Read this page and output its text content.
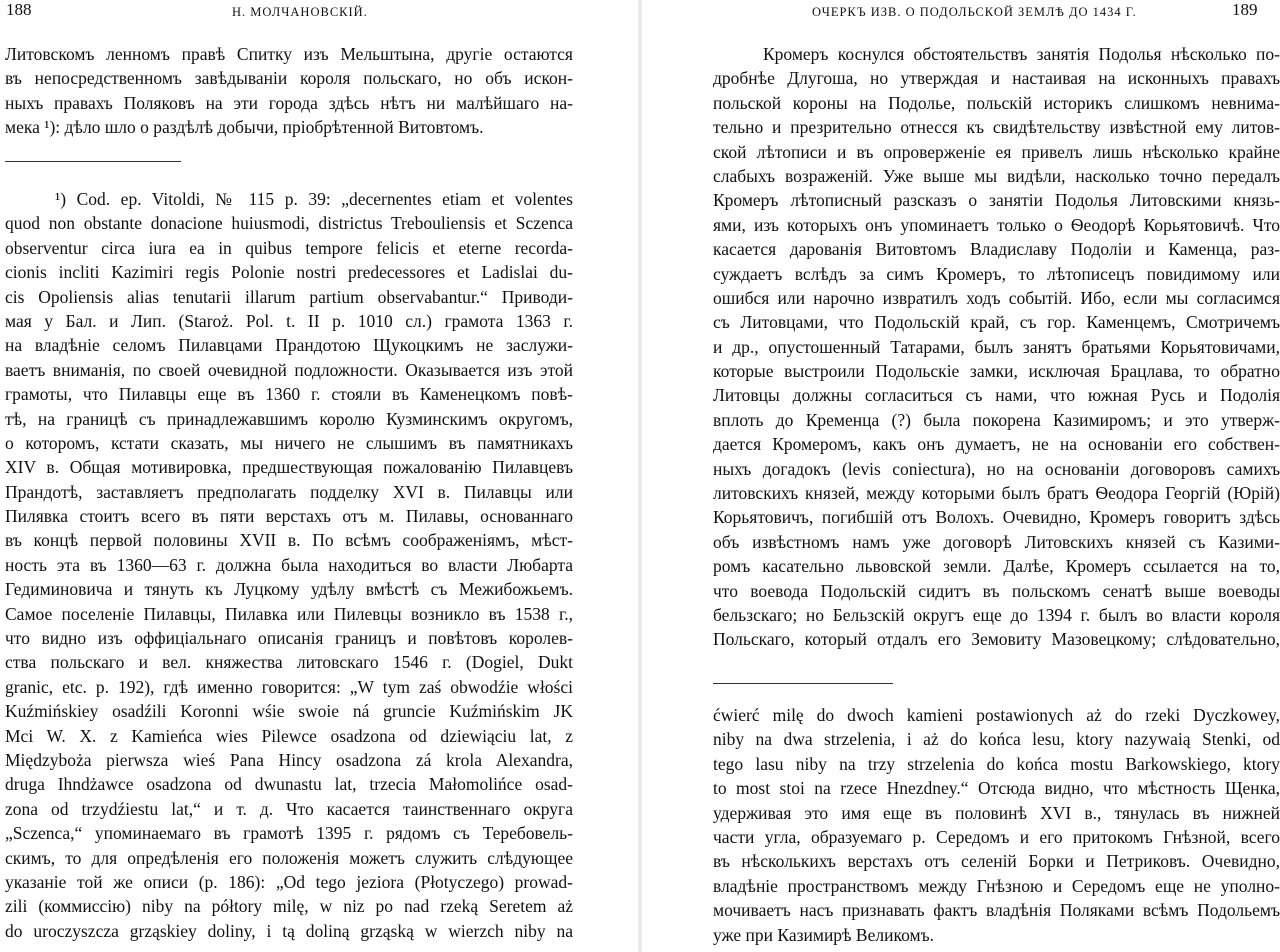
188	Н. МОЛЧАНОВСКІЙ.
Литовскомъ ленномъ правѣ Спитку изъ Мельштына, другіе остаются
въ непосредственномъ завѣдываніи короля польскаго, но объ искон-
ныхъ правахъ Поляковъ на эти города здѣсь нѣтъ ни малѣйшаго на-
мека ¹): дѣло шло о раздѣлѣ добычи, пріобрѣтенной Витовтомъ.
¹) Cod. ep. Vitoldi, № 115 p. 39: „decernentes etiam et volentes
quod non obstante donacione huiusmodi, districtus Trebouliensis et Sczenca
observentur circa iura ea in quibus tempore felicis et eterne recorda-
cionis incliti Kazimiri regis Polonie nostri predecessores et Ladislai du-
cis Opoliensis alias tenutarii illarum partium observabantur.“ Приводи-
мая у Бал. и Лип. (Staroż. Pol. t. II p. 1010 сл.) грамота 1363 г.
на владѣніе селомъ Пилавцами Прандотою Щукоцкимъ не заслужи-
ваетъ вниманія, по своей очевидной подложности. Оказывается изъ этой
грамоты, что Пилавцы еще въ 1360 г. стояли въ Каменецкомъ повѣ-
тѣ, на границѣ съ принадлежавшимъ королю Кузминскимъ округомъ,
о которомъ, кстати сказать, мы ничего не слышимъ въ памятникахъ
XIV в. Общая мотивировка, предшествующая пожалованію Пилавцевъ
Прандотѣ, заставляетъ предполагать подделку XVI в. Пилавцы или
Пилявка стоитъ всего въ пяти верстахъ отъ м. Пилавы, основаннаго
въ концѣ первой половины XVII в. По всѣмъ соображеніямъ, мѣст-
ность эта въ 1360—63 г. должна была находиться во власти Любарта
Гедиминовича и тянуть къ Луцкому удѣлу вмѣстѣ съ Межибожьемъ.
Самое поселеніе Пилавцы, Пилавка или Пилевцы возникло въ 1538 г.,
что видно изъ оффиціальнаго описанія границъ и повѣтовъ королев-
ства польскаго и вел. княжества литовскаго 1546 г. (Dogiel, Dukt
granic, etc. p. 192), гдѣ именно говорится: „W tym zaś obwodźie włości
Kuźmińskiey osadźili Koronni wśie swoie ná gruncie Kuźmińskim JK
Mci W. X. z Kamieńca wies Pilewce osadzona od dziewiąciu lat, z
Międzyboża pierwsza wieś Pana Hincy osadzona zá krola Alexandra,
druga Ihndżawce osadzona od dwunastu lat, trzecia Małomolińce osad-
zona od trzydźiestu lat,“ и т. д. Что касается таинственнаго округа
„Sczenca,“ упоминаемаго въ грамотѣ 1395 г. рядомъ съ Теребовель-
скимъ, то для опредѣленія его положенія можетъ служить слѣдующее
указаніе той же описи (p. 186): „Od tego jeziora (Płotyczego) prowad-
zili (коммиссію) niby na półtory milę, w niz po nad rzeką Seretem aż
do uroczyszcza grząskiey doliny, i tą doliną grząską w wierzch niby na
ОЧЕРКЪ ИЗВ. О ПОДОЛЬСКОЙ ЗЕМЛѢ ДО 1434 Г.	189
Кромеръ коснулся обстоятельствъ занятія Подолья нѣсколько по-
дробнѣе Длугоша, но утверждая и настаивая на исконныхъ правахъ
польской короны на Подолье, польскій историкъ слишкомъ невнима-
тельно и презрительно отнесся къ свидѣтельству извѣстной ему литов-
ской лѣтописи и въ опроверженіе ея привелъ лишь нѣсколько крайне
слабыхъ возраженій. Уже выше мы видѣли, насколько точно передалъ
Кромеръ лѣтописный разсказъ о занятіи Подолья Литовскими князь-
ями, изъ которыхъ онъ упоминаетъ только о Ѳеодорѣ Корьятовичѣ. Что
касается дарованія Витовтомъ Владиславу Подоліи и Каменца, раз-
суждаетъ вслѣдъ за симъ Кромеръ, то лѣтописецъ повидимому или
ошибся или нарочно извратилъ ходъ событій. Ибо, если мы согласимся
съ Литовцами, что Подольскій край, съ гор. Каменцемъ, Смотричемъ
и др., опустошенный Татарами, былъ занятъ братьями Корьятовичами,
которые выстроили Подольскіе замки, исключая Брацлава, то обратно
Литовцы должны согласиться съ нами, что южная Русь и Подолія
вплоть до Кременца (?) была покорена Казимиромъ; и это утверж-
дается Кромеромъ, какъ онъ думаетъ, не на основаніи его собствен-
ныхъ догадокъ (levis coniectura), но на основаніи договоровъ самихъ
литовскихъ князей, между которыми былъ братъ Ѳеодора Георгій (Юрій)
Корьятовичъ, погибшій отъ Волохъ. Очевидно, Кромеръ говоритъ здѣсь
объ извѣстномъ намъ уже договорѣ Литовскихъ князей съ Казими-
ромъ касательно львовской земли. Далѣе, Кромеръ ссылается на то,
что воевода Подольскій сидитъ въ польскомъ сенатѣ выше воеводы
бельзскаго; но Бельзскій округъ еще до 1394 г. былъ во власти короля
Польскаго, который отдалъ его Земовиту Мазовецкому; слѣдовательно,
ćwierć milę do dwoch kamieni postawionych aż do rzeki Dyczkowey,
niby na dwa strzelenia, i aż do końca lesu, ktory nazywaią Stenki, od
tego lasu niby na trzy strzelenia do końca mostu Barkowskiego, ktory
to most stoi na rzece Hnezdney.“ Отсюда видно, что мѣстность Щенка,
удерживая это имя еще въ половинѣ XVI в., тянулась въ нижней
части угла, образуемаго р. Середомъ и его притокомъ Гнѣзной, всего
въ нѣсколькихъ верстахъ отъ селеній Борки и Петриковъ. Очевидно,
владѣніе пространствомъ между Гнѣзною и Середомъ еще не уполно-
мочиваетъ насъ признавать фактъ владѣнія Поляками всѣмъ Подольемъ
уже при Казимирѣ Великомъ.
